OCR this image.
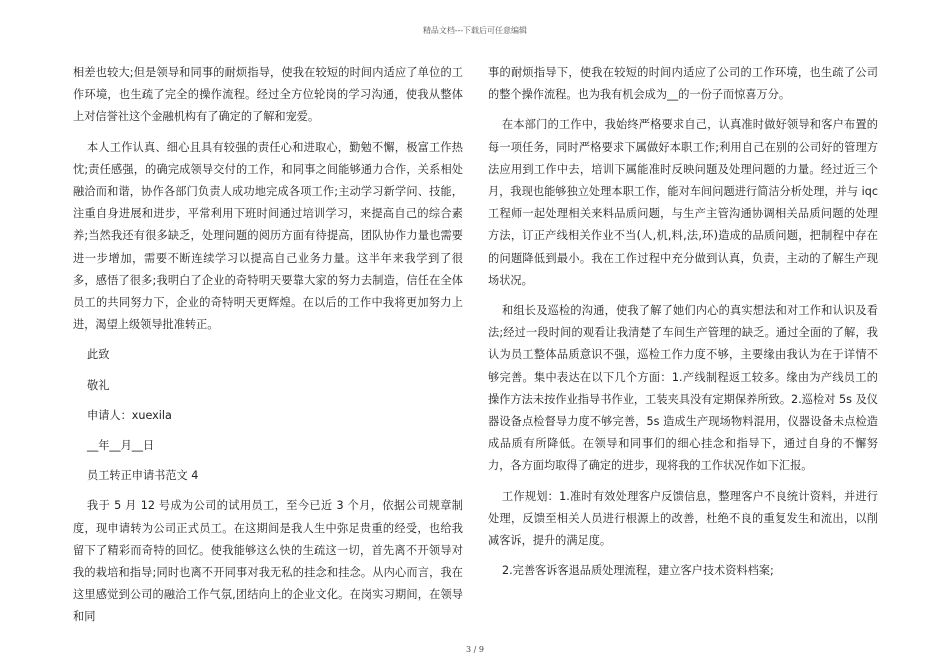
精品文档---下载后可任意编辑

相差也较大;但是领导和同事的耐烦指导，使我在较短的时间内适应了单位的工作环境，也生疏了完全的操作流程。经过全方位轮岗的学习沟通，使我从整体上对信誉社这个金融机构有了确定的了解和宠爱。

本人工作认真、细心且具有较强的责任心和进取心，勤勉不懈，极富工作热忱;责任感强，的确完成领导交付的工作，和同事之间能够通力合作，关系相处融洽而和谐，协作各部门负责人成功地完成各项工作;主动学习新学问、技能，注重自身进展和进步，平常利用下班时间通过培训学习，来提高自己的综合素养;当然我还有很多缺乏，处理问题的阅历方面有待提高，团队协作力量也需要进一步增加，需要不断连续学习以提高自己业务力量。这半年来我学到了很多，感悟了很多;我明白了企业的奇特明天要靠大家的努力去制造，信任在全体员工的共同努力下，企业的奇特明天更辉煌。在以后的工作中我将更加努力上进，渴望上级领导批准转正。

此致

敬礼

申请人：xuexila

__年__月__日

员工转正申请书范文 4

我于 5 月 12 号成为公司的试用员工，至今已近 3 个月，依据公司规章制度，现申请转为公司正式员工。在这期间是我人生中弥足贵重的经受，也给我留下了精彩而奇特的回忆。使我能够这么快的生疏这一切，首先离不开领导对我的栽培和指导;同时也离不开同事对我无私的挂念和挂念。从内心而言，我在这里感觉到公司的融洽工作气氛,团结向上的企业文化。在岗实习期间，在领导和同

事的耐烦指导下，使我在较短的时间内适应了公司的工作环境，也生疏了公司的整个操作流程。也为我有机会成为__的一份子而惊喜万分。

在本部门的工作中，我始终严格要求自己，认真准时做好领导和客户布置的每一项任务，同时严格要求下属做好本职工作;利用自己在别的公司好的管理方法应用到工作中去，培训下属能准时反映问题及处理问题的力量。经过近三个月，我现也能够独立处理本职工作，能对车间问题进行简洁分析处理，并与 iqc 工程师一起处理相关来料品质问题，与生产主管沟通协调相关品质问题的处理方法，订正产线相关作业不当(人,机,料,法,环)造成的品质问题，把制程中存在的问题降低到最小。我在工作过程中充分做到认真，负责，主动的了解生产现场状况。

和组长及巡检的沟通，使我了解了她们内心的真实想法和对工作和认识及看法;经过一段时间的观看让我清楚了车间生产管理的缺乏。通过全面的了解，我认为员工整体品质意识不强，巡检工作力度不够，主要缘由我认为在于详情不够完善。集中表达在以下几个方面：1.产线制程返工较多。缘由为产线员工的操作方法未按作业指导书作业，工装夹具没有定期保养所致。2.巡检对 5s 及仪器设备点检督导力度不够完善，5s 造成生产现场物料混用，仪器设备未点检造成品质有所降低。在领导和同事们的细心挂念和指导下，通过自身的不懈努力，各方面均取得了确定的进步，现将我的工作状况作如下汇报。

工作规划：1.准时有效处理客户反馈信息，整理客户不良统计资料，并进行处理，反馈至相关人员进行根源上的改善，杜绝不良的重复发生和流出，以削减客诉，提升的满足度。

2.完善客诉客退品质处理流程，建立客户技术资料档案;

3 / 9
